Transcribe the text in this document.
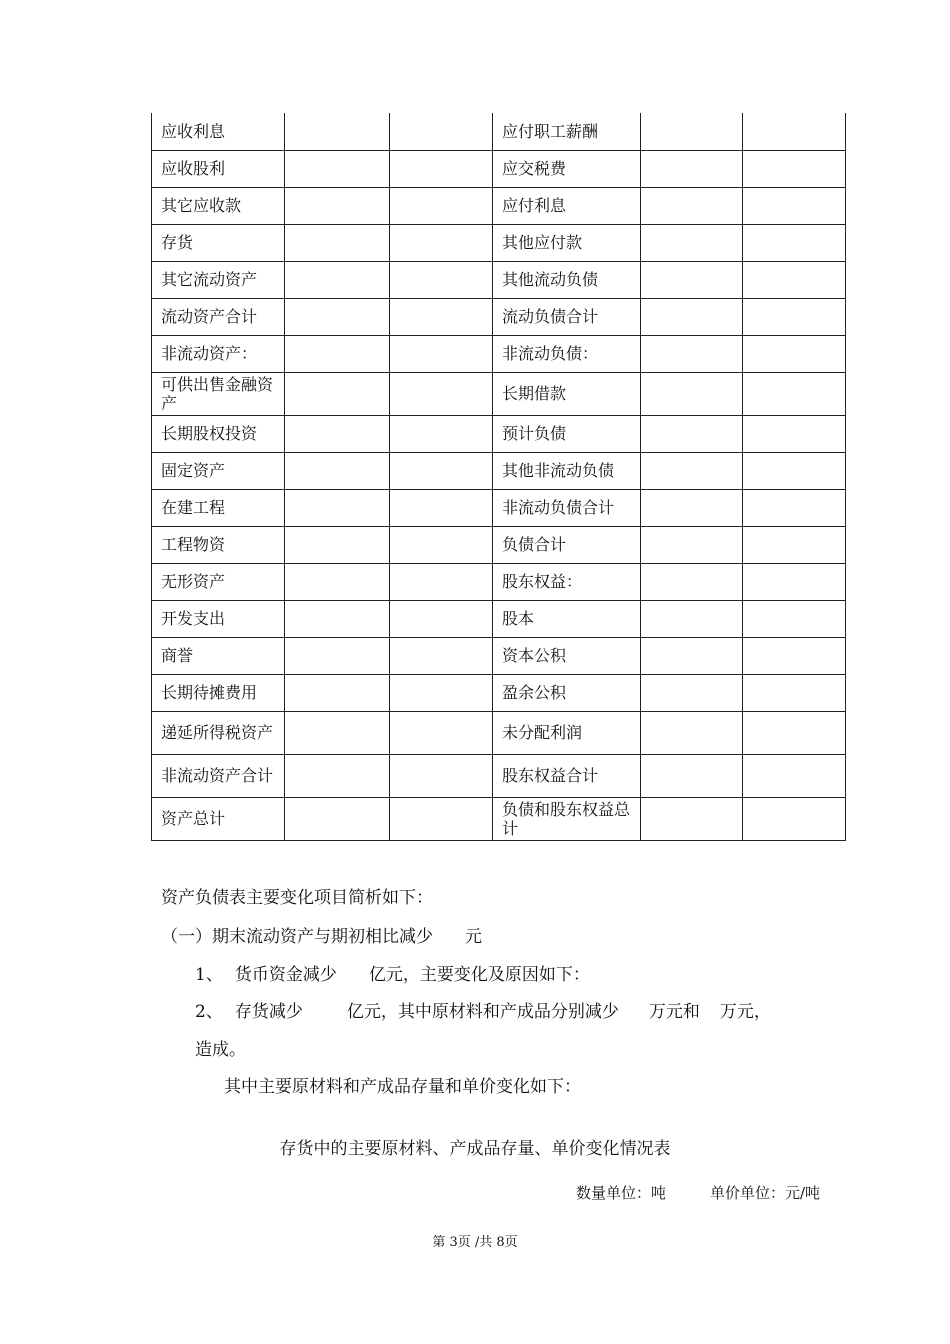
应收利息			应付职工薪酬		
应收股利			应交税费		
其它应收款			应付利息		
存货			其他应付款		
其它流动资产			其他流动负债		
流动资产合计			流动负债合计		
非流动资产：			非流动负债：		
可供出售金融资产			长期借款		
长期股权投资			预计负债		
固定资产			其他非流动负债		
在建工程			非流动负债合计		
工程物资			负债合计		
无形资产			股东权益：		
开发支出			股本		
商誉			资本公积		
长期待摊费用			盈余公积		
递延所得税资产			未分配利润		
非流动资产合计			股东权益合计		
资产总计			负债和股东权益总计		
资产负债表主要变化项目简析如下：
（一）期末流动资产与期初相比减少 元
1、 货币资金减少 亿元，主要变化及原因如下：
2、 存货减少	亿元，其中原材料和产成品分别减少 万元和 万元，
造成。
其中主要原材料和产成品存量和单价变化如下：
存货中的主要原材料、产成品存量、单价变化情况表
数量单位：吨	单价单位：元/吨
第 3页 /共 8页
